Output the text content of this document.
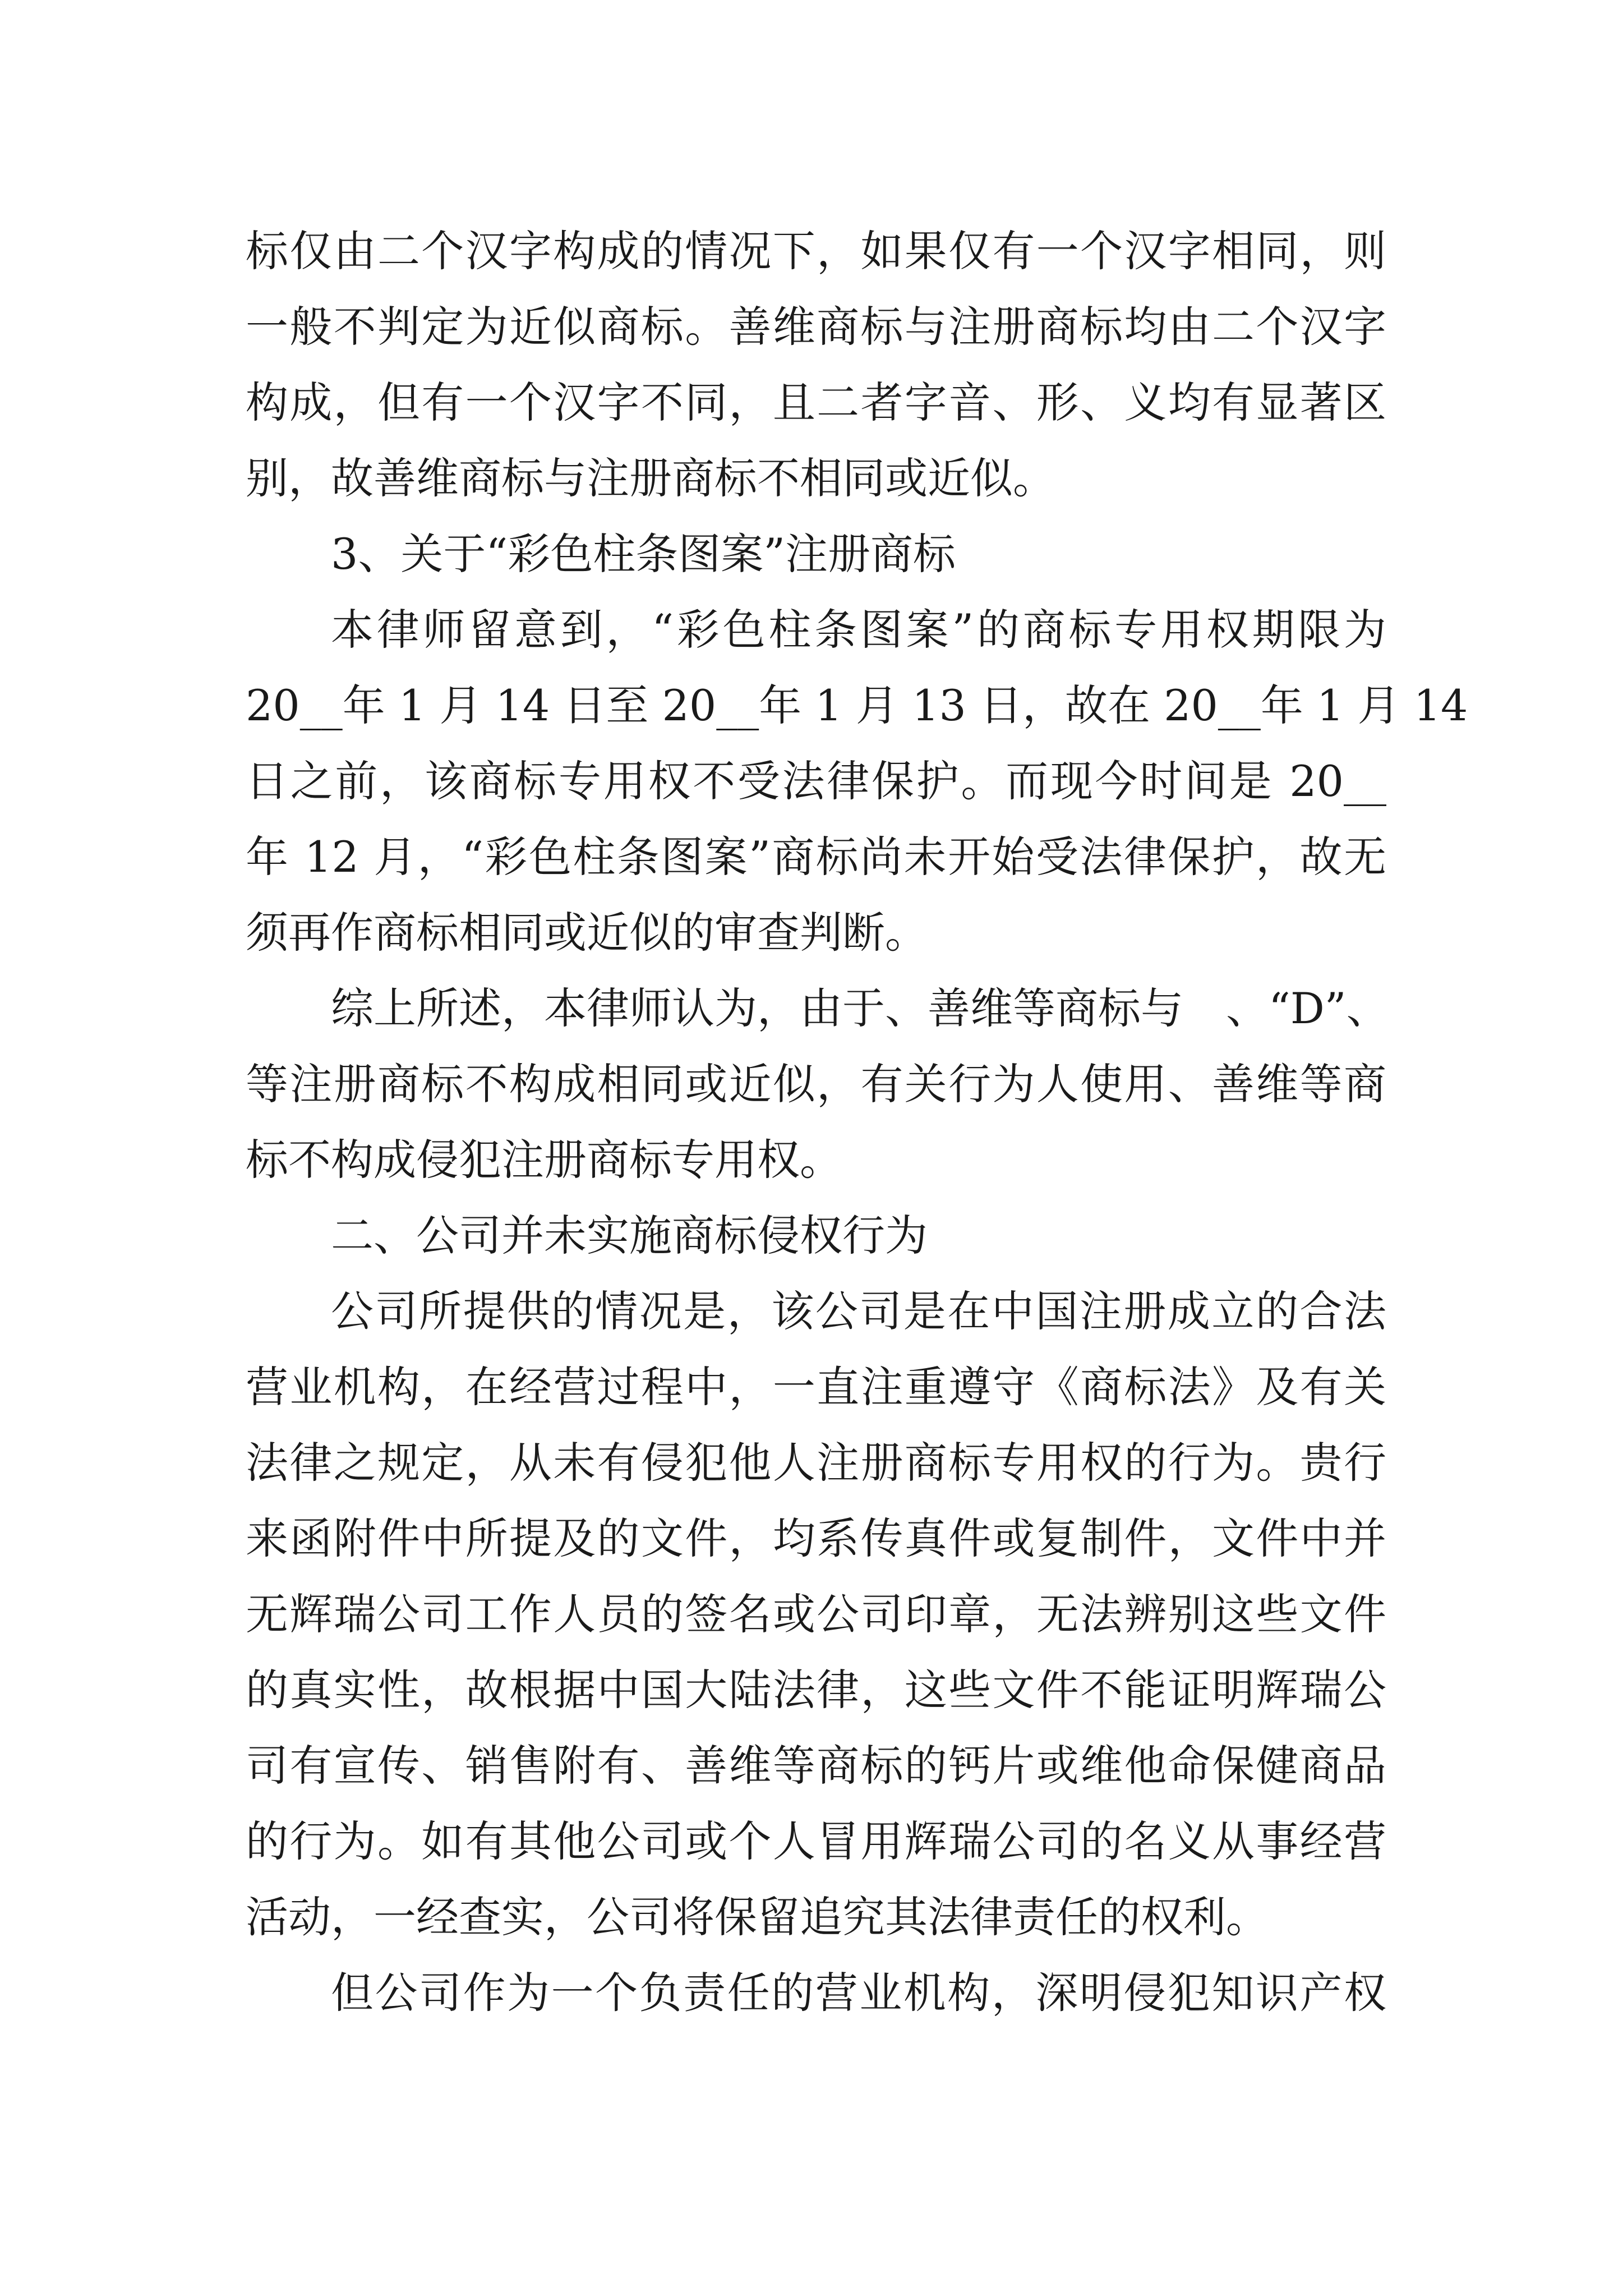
标仅由二个汉字构成的情况下，如果仅有一个汉字相同，则
一般不判定为近似商标。善维商标与注册商标均由二个汉字
构成，但有一个汉字不同，且二者字音、形、义均有显著区
别，故善维商标与注册商标不相同或近似。
3、关于“彩色柱条图案”注册商标
本律师留意到，“彩色柱条图案”的商标专用权期限为
20__年 1 月 14 日至 20__年 1 月 13 日，故在 20__年 1 月 14
日之前，该商标专用权不受法律保护。而现今时间是 20__
年 12 月，“彩色柱条图案”商标尚未开始受法律保护，故无
须再作商标相同或近似的审查判断。
综上所述，本律师认为，由于、善维等商标与　、“D”、
等注册商标不构成相同或近似，有关行为人使用、善维等商
标不构成侵犯注册商标专用权。
二、公司并未实施商标侵权行为
公司所提供的情况是，该公司是在中国注册成立的合法
营业机构，在经营过程中，一直注重遵守《商标法》及有关
法律之规定，从未有侵犯他人注册商标专用权的行为。贵行
来函附件中所提及的文件，均系传真件或复制件，文件中并
无辉瑞公司工作人员的签名或公司印章，无法辨别这些文件
的真实性，故根据中国大陆法律，这些文件不能证明辉瑞公
司有宣传、销售附有、善维等商标的钙片或维他命保健商品
的行为。如有其他公司或个人冒用辉瑞公司的名义从事经营
活动，一经查实，公司将保留追究其法律责任的权利。
但公司作为一个负责任的营业机构，深明侵犯知识产权
